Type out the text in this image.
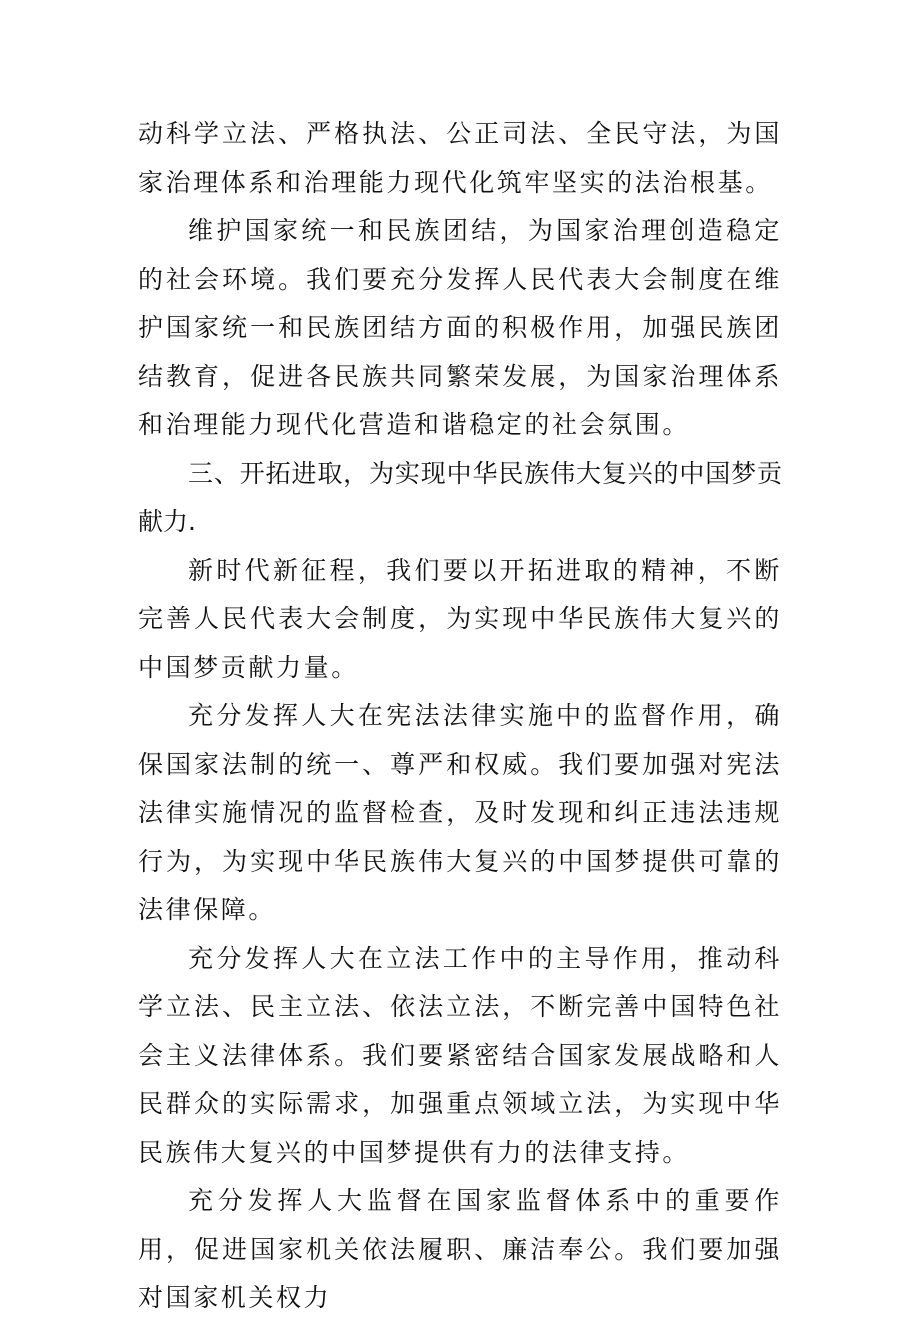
动科学立法、严格执法、公正司法、全民守法，为国家治理体系和治理能力现代化筑牢坚实的法治根基。

维护国家统一和民族团结，为国家治理创造稳定的社会环境。我们要充分发挥人民代表大会制度在维护国家统一和民族团结方面的积极作用，加强民族团结教育，促进各民族共同繁荣发展，为国家治理体系和治理能力现代化营造和谐稳定的社会氛围。

三、开拓进取，为实现中华民族伟大复兴的中国梦贡献力.

新时代新征程，我们要以开拓进取的精神，不断完善人民代表大会制度，为实现中华民族伟大复兴的中国梦贡献力量。

充分发挥人大在宪法法律实施中的监督作用，确保国家法制的统一、尊严和权威。我们要加强对宪法法律实施情况的监督检查，及时发现和纠正违法违规行为，为实现中华民族伟大复兴的中国梦提供可靠的法律保障。

充分发挥人大在立法工作中的主导作用，推动科学立法、民主立法、依法立法，不断完善中国特色社会主义法律体系。我们要紧密结合国家发展战略和人民群众的实际需求，加强重点领域立法，为实现中华民族伟大复兴的中国梦提供有力的法律支持。

充分发挥人大监督在国家监督体系中的重要作用，促进国家机关依法履职、廉洁奉公。我们要加强对国家机关权力
